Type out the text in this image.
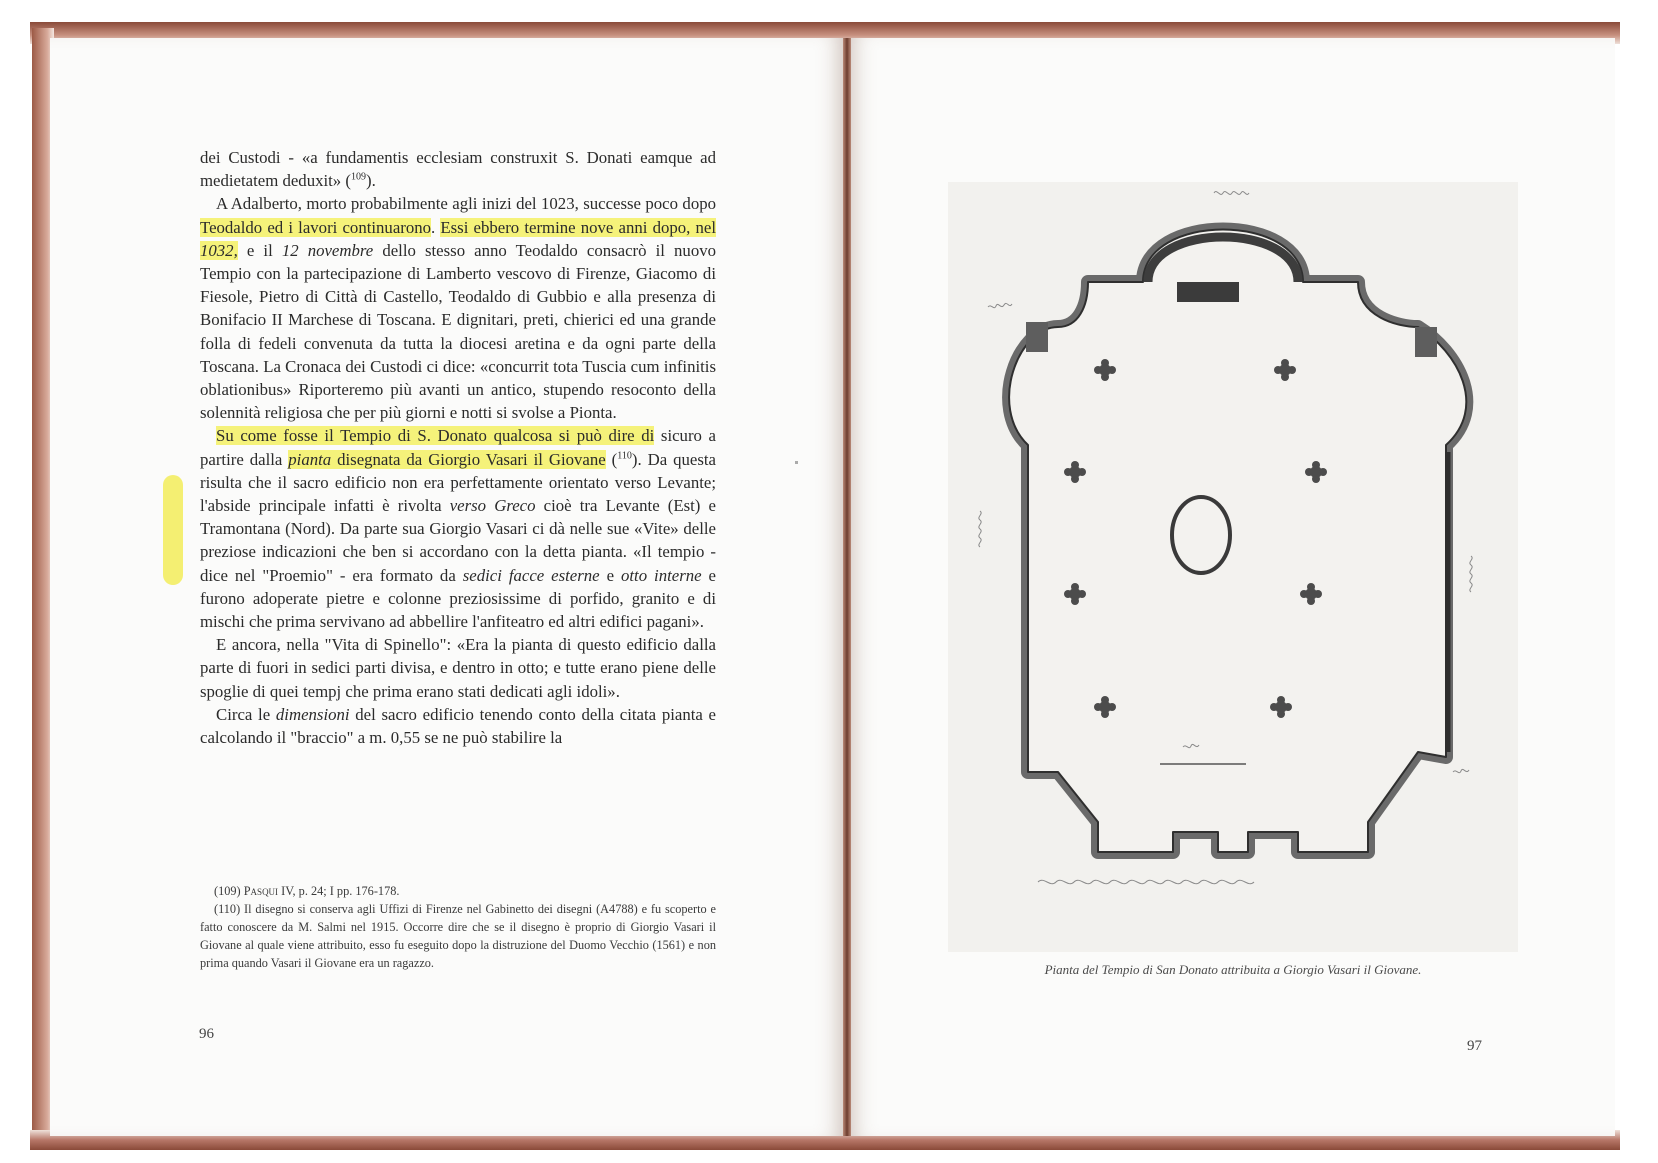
dei Custodi - «a fundamentis ecclesiam construxit S. Donati eamque ad medietatem deduxit» ($^{109}$).

A Adalberto, morto probabilmente agli inizi del 1023, successe poco dopo Teodaldo ed i lavori continuarono. Essi ebbero termine nove anni dopo, nel 1032, e il 12 novembre dello stesso anno Teodaldo consacrò il nuovo Tempio con la partecipazione di Lamberto vescovo di Firenze, Giacomo di Fiesole, Pietro di Città di Castello, Teodaldo di Gubbio e alla presenza di Bonifacio II Marchese di Toscana. E dignitari, preti, chierici ed una grande folla di fedeli convenuta da tutta la diocesi aretina e da ogni parte della Toscana. La Cronaca dei Custodi ci dice: «concurrit tota Tuscia cum infinitis oblationibus» Riporteremo più avanti un antico, stupendo resoconto della solennità religiosa che per più giorni e notti si svolse a Pionta.

Su come fosse il Tempio di S. Donato qualcosa si può dire di sicuro a partire dalla pianta disegnata da Giorgio Vasari il Giovane ($^{110}$). Da questa risulta che il sacro edificio non era perfettamente orientato verso Levante; l'abside principale infatti è rivolta verso Greco cioè tra Levante (Est) e Tramontana (Nord). Da parte sua Giorgio Vasari ci dà nelle sue «Vite» delle preziose indicazioni che ben si accordano con la detta pianta. «Il tempio - dice nel "Proemio" - era formato da sedici facce esterne e otto interne e furono adoperate pietre e colonne preziosissime di porfido, granito e di mischi che prima servivano ad abbellire l'anfiteatro ed altri edifici pagani».

E ancora, nella "Vita di Spinello": «Era la pianta di questo edificio dalla parte di fuori in sedici parti divisa, e dentro in otto; e tutte erano piene delle spoglie di quei tempj che prima erano stati dedicati agli idoli».

Circa le dimensioni del sacro edificio tenendo conto della citata pianta e calcolando il "braccio" a m. 0,55 se ne può stabilire la

(109) Pasqui IV, p. 24; I pp. 176-178.

(110) Il disegno si conserva agli Uffizi di Firenze nel Gabinetto dei disegni (A4788) e fu scoperto e fatto conoscere da M. Salmi nel 1915. Occorre dire che se il disegno è proprio di Giorgio Vasari il Giovane al quale viene attribuito, esso fu eseguito dopo la distruzione del Duomo Vecchio (1561) e non prima quando Vasari il Giovane era un ragazzo.

96
Pianta del Tempio di San Donato attribuita a Giorgio Vasari il Giovane.
97
